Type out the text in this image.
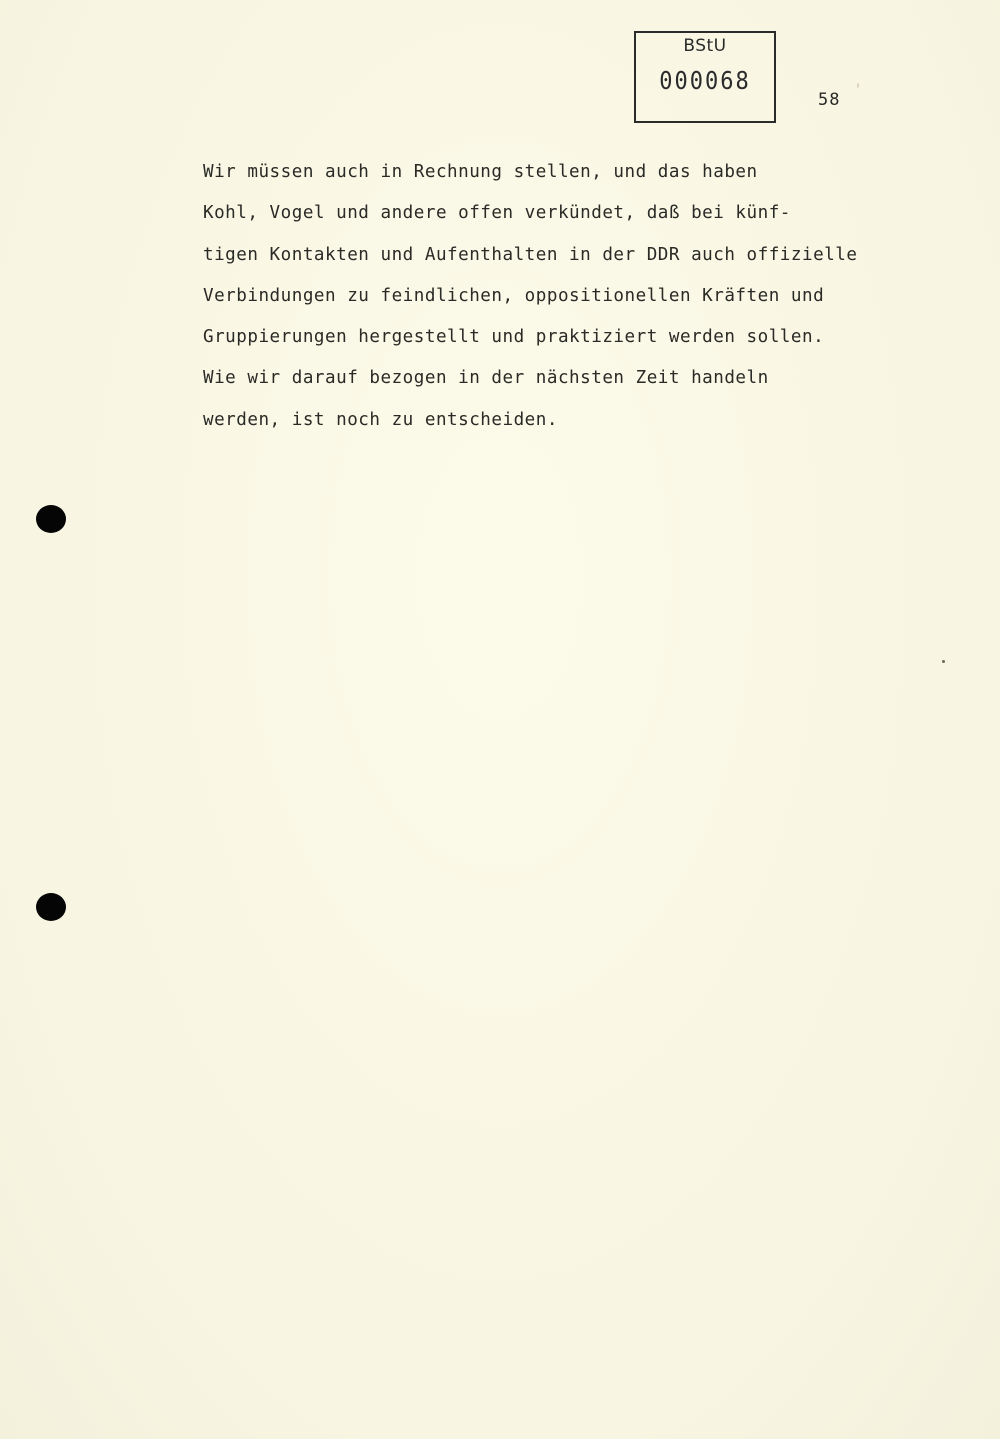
BStU
000068
58
Wir müssen auch in Rechnung stellen, und das haben
Kohl, Vogel und andere offen verkündet, daß bei künf-
tigen Kontakten und Aufenthalten in der DDR auch offizielle
Verbindungen zu feindlichen, oppositionellen Kräften und
Gruppierungen hergestellt und praktiziert werden sollen.
Wie wir darauf bezogen in der nächsten Zeit handeln
werden, ist noch zu entscheiden.
